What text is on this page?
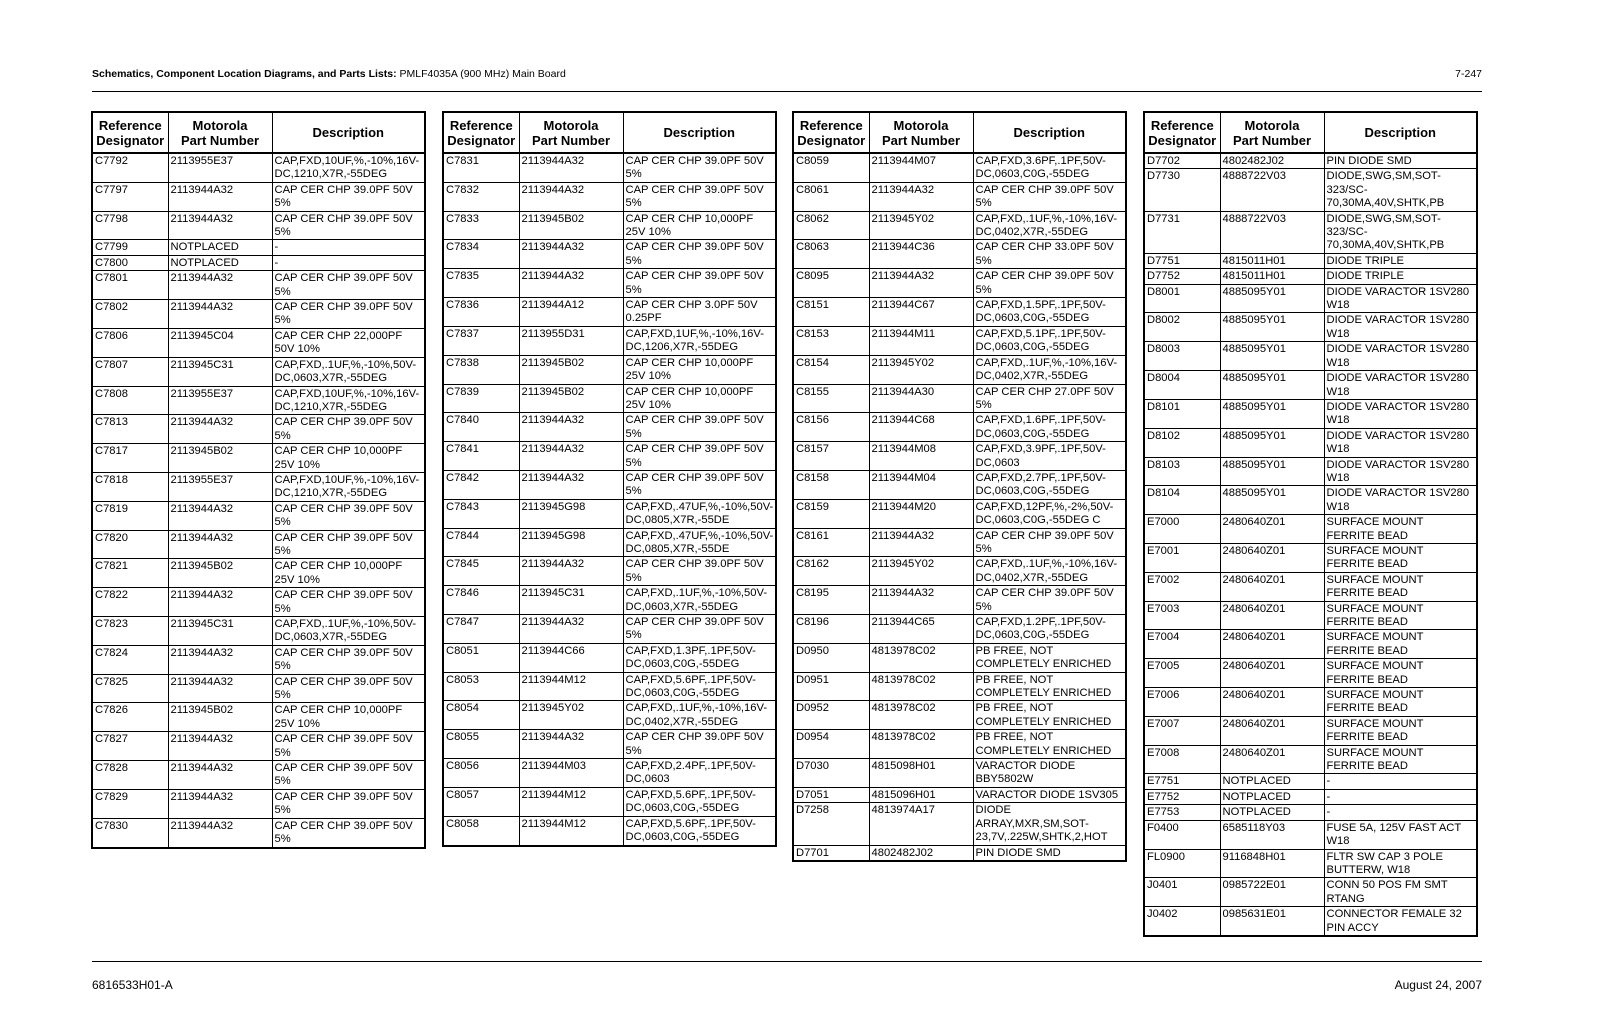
Schematics, Component Location Diagrams, and Parts Lists: PMLF4035A (900 MHz) Main Board	7-247
Reference
Designator	Motorola
Part Number	Description
C7792	2113955E37	CAP,FXD,10UF,%,-10%,16V-DC,1210,X7R,-55DEG
C7797	2113944A32	CAP CER CHP 39.0PF 50V 5%
C7798	2113944A32	CAP CER CHP 39.0PF 50V 5%
C7799	NOTPLACED	-
C7800	NOTPLACED	-
C7801	2113944A32	CAP CER CHP 39.0PF 50V 5%
C7802	2113944A32	CAP CER CHP 39.0PF 50V 5%
C7806	2113945C04	CAP CER CHP 22,000PF 50V 10%
C7807	2113945C31	CAP,FXD,.1UF,%,-10%,50V-DC,0603,X7R,-55DEG
C7808	2113955E37	CAP,FXD,10UF,%,-10%,16V-DC,1210,X7R,-55DEG
C7813	2113944A32	CAP CER CHP 39.0PF 50V 5%
C7817	2113945B02	CAP CER CHP 10,000PF 25V 10%
C7818	2113955E37	CAP,FXD,10UF,%,-10%,16V-DC,1210,X7R,-55DEG
C7819	2113944A32	CAP CER CHP 39.0PF 50V 5%
C7820	2113944A32	CAP CER CHP 39.0PF 50V 5%
C7821	2113945B02	CAP CER CHP 10,000PF 25V 10%
C7822	2113944A32	CAP CER CHP 39.0PF 50V 5%
C7823	2113945C31	CAP,FXD,.1UF,%,-10%,50V-DC,0603,X7R,-55DEG
C7824	2113944A32	CAP CER CHP 39.0PF 50V 5%
C7825	2113944A32	CAP CER CHP 39.0PF 50V 5%
C7826	2113945B02	CAP CER CHP 10,000PF 25V 10%
C7827	2113944A32	CAP CER CHP 39.0PF 50V 5%
C7828	2113944A32	CAP CER CHP 39.0PF 50V 5%
C7829	2113944A32	CAP CER CHP 39.0PF 50V 5%
C7830	2113944A32	CAP CER CHP 39.0PF 50V 5%
Reference
Designator	Motorola
Part Number	Description
C7831	2113944A32	CAP CER CHP 39.0PF 50V 5%
C7832	2113944A32	CAP CER CHP 39.0PF 50V 5%
C7833	2113945B02	CAP CER CHP 10,000PF 25V 10%
C7834	2113944A32	CAP CER CHP 39.0PF 50V 5%
C7835	2113944A32	CAP CER CHP 39.0PF 50V 5%
C7836	2113944A12	CAP CER CHP 3.0PF 50V 0.25PF
C7837	2113955D31	CAP,FXD,1UF,%,-10%,16V-DC,1206,X7R,-55DEG
C7838	2113945B02	CAP CER CHP 10,000PF 25V 10%
C7839	2113945B02	CAP CER CHP 10,000PF 25V 10%
C7840	2113944A32	CAP CER CHP 39.0PF 50V 5%
C7841	2113944A32	CAP CER CHP 39.0PF 50V 5%
C7842	2113944A32	CAP CER CHP 39.0PF 50V 5%
C7843	2113945G98	CAP,FXD,.47UF,%,-10%,50V-DC,0805,X7R,-55DE
C7844	2113945G98	CAP,FXD,.47UF,%,-10%,50V-DC,0805,X7R,-55DE
C7845	2113944A32	CAP CER CHP 39.0PF 50V 5%
C7846	2113945C31	CAP,FXD,.1UF,%,-10%,50V-DC,0603,X7R,-55DEG
C7847	2113944A32	CAP CER CHP 39.0PF 50V 5%
C8051	2113944C66	CAP,FXD,1.3PF,.1PF,50V-DC,0603,C0G,-55DEG
C8053	2113944M12	CAP,FXD,5.6PF,.1PF,50V-DC,0603,C0G,-55DEG
C8054	2113945Y02	CAP,FXD,.1UF,%,-10%,16V-DC,0402,X7R,-55DEG
C8055	2113944A32	CAP CER CHP 39.0PF 50V 5%
C8056	2113944M03	CAP,FXD,2.4PF,.1PF,50V-DC,0603
C8057	2113944M12	CAP,FXD,5.6PF,.1PF,50V-DC,0603,C0G,-55DEG
C8058	2113944M12	CAP,FXD,5.6PF,.1PF,50V-DC,0603,C0G,-55DEG
Reference
Designator	Motorola
Part Number	Description
C8059	2113944M07	CAP,FXD,3.6PF,.1PF,50V-DC,0603,C0G,-55DEG
C8061	2113944A32	CAP CER CHP 39.0PF 50V 5%
C8062	2113945Y02	CAP,FXD,.1UF,%,-10%,16V-DC,0402,X7R,-55DEG
C8063	2113944C36	CAP CER CHP 33.0PF 50V 5%
C8095	2113944A32	CAP CER CHP 39.0PF 50V 5%
C8151	2113944C67	CAP,FXD,1.5PF,.1PF,50V-DC,0603,C0G,-55DEG
C8153	2113944M11	CAP,FXD,5.1PF,.1PF,50V-DC,0603,C0G,-55DEG
C8154	2113945Y02	CAP,FXD,.1UF,%,-10%,16V-DC,0402,X7R,-55DEG
C8155	2113944A30	CAP CER CHP 27.0PF 50V 5%
C8156	2113944C68	CAP,FXD,1.6PF,.1PF,50V-DC,0603,C0G,-55DEG
C8157	2113944M08	CAP,FXD,3.9PF,.1PF,50V-DC,0603
C8158	2113944M04	CAP,FXD,2.7PF,.1PF,50V-DC,0603,C0G,-55DEG
C8159	2113944M20	CAP,FXD,12PF,%,-2%,50V-DC,0603,C0G,-55DEG C
C8161	2113944A32	CAP CER CHP 39.0PF 50V 5%
C8162	2113945Y02	CAP,FXD,.1UF,%,-10%,16V-DC,0402,X7R,-55DEG
C8195	2113944A32	CAP CER CHP 39.0PF 50V 5%
C8196	2113944C65	CAP,FXD,1.2PF,.1PF,50V-DC,0603,C0G,-55DEG
D0950	4813978C02	PB FREE, NOT COMPLETELY ENRICHED
D0951	4813978C02	PB FREE, NOT COMPLETELY ENRICHED
D0952	4813978C02	PB FREE, NOT COMPLETELY ENRICHED
D0954	4813978C02	PB FREE, NOT COMPLETELY ENRICHED
D7030	4815098H01	VARACTOR DIODE BBY5802W
D7051	4815096H01	VARACTOR DIODE 1SV305
D7258	4813974A17	DIODE ARRAY,MXR,SM,SOT-23,7V,.225W,SHTK,2,HOT
D7701	4802482J02	PIN DIODE SMD
Reference
Designator	Motorola
Part Number	Description
D7702	4802482J02	PIN DIODE SMD
D7730	4888722V03	DIODE,SWG,SM,SOT-323/SC-70,30MA,40V,SHTK,PB
D7731	4888722V03	DIODE,SWG,SM,SOT-323/SC-70,30MA,40V,SHTK,PB
D7751	4815011H01	DIODE TRIPLE
D7752	4815011H01	DIODE TRIPLE
D8001	4885095Y01	DIODE VARACTOR 1SV280 W18
D8002	4885095Y01	DIODE VARACTOR 1SV280 W18
D8003	4885095Y01	DIODE VARACTOR 1SV280 W18
D8004	4885095Y01	DIODE VARACTOR 1SV280 W18
D8101	4885095Y01	DIODE VARACTOR 1SV280 W18
D8102	4885095Y01	DIODE VARACTOR 1SV280 W18
D8103	4885095Y01	DIODE VARACTOR 1SV280 W18
D8104	4885095Y01	DIODE VARACTOR 1SV280 W18
E7000	2480640Z01	SURFACE MOUNT FERRITE BEAD
E7001	2480640Z01	SURFACE MOUNT FERRITE BEAD
E7002	2480640Z01	SURFACE MOUNT FERRITE BEAD
E7003	2480640Z01	SURFACE MOUNT FERRITE BEAD
E7004	2480640Z01	SURFACE MOUNT FERRITE BEAD
E7005	2480640Z01	SURFACE MOUNT FERRITE BEAD
E7006	2480640Z01	SURFACE MOUNT FERRITE BEAD
E7007	2480640Z01	SURFACE MOUNT FERRITE BEAD
E7008	2480640Z01	SURFACE MOUNT FERRITE BEAD
E7751	NOTPLACED	-
E7752	NOTPLACED	-
E7753	NOTPLACED	-
F0400	6585118Y03	FUSE 5A, 125V FAST ACT W18
FL0900	9116848H01	FLTR SW CAP 3 POLE BUTTERW, W18
J0401	0985722E01	CONN 50 POS FM SMT RTANG
J0402	0985631E01	CONNECTOR FEMALE 32 PIN ACCY
6816533H01-A	August 24, 2007
